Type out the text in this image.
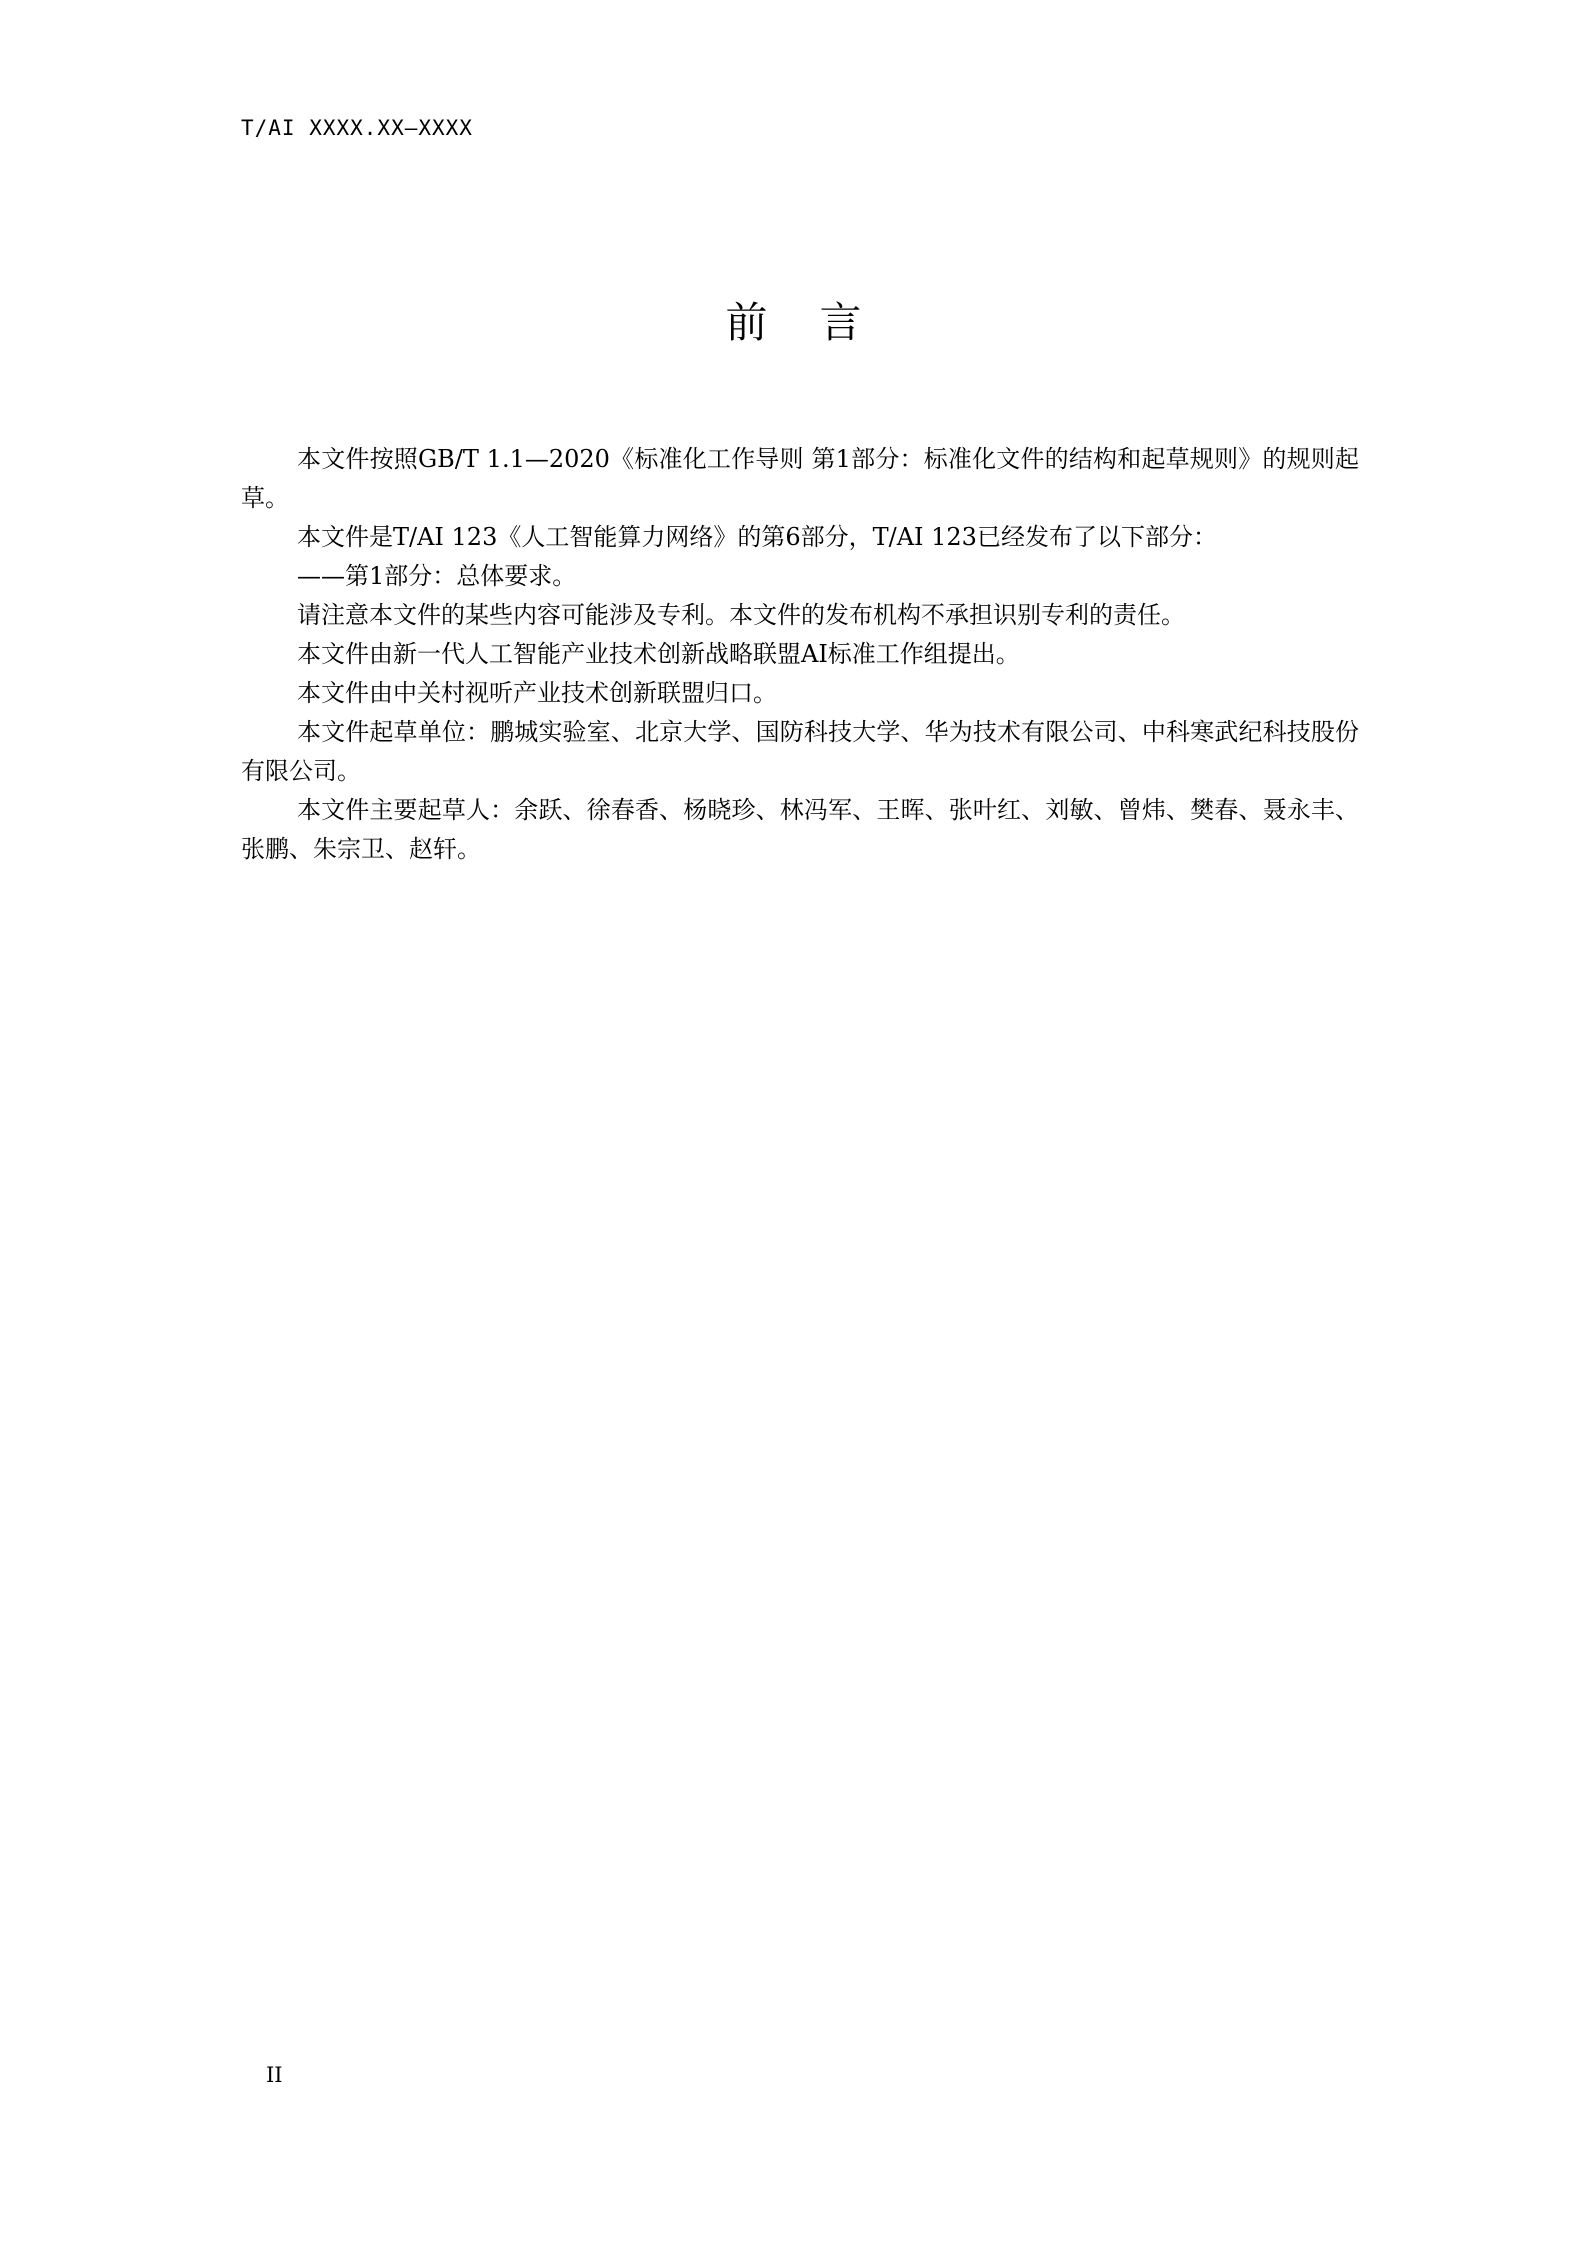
T/AI XXXX.XX—XXXX
前 言

本文件按照GB/T 1.1—2020《标准化工作导则 第1部分：标准化文件的结构和起草规则》的规则起草。

本文件是T/AI 123《人工智能算力网络》的第6部分，T/AI 123已经发布了以下部分：

——第1部分：总体要求。

请注意本文件的某些内容可能涉及专利。本文件的发布机构不承担识别专利的责任。

本文件由新一代人工智能产业技术创新战略联盟AI标准工作组提出。

本文件由中关村视听产业技术创新联盟归口。

本文件起草单位：鹏城实验室、北京大学、国防科技大学、华为技术有限公司、中科寒武纪科技股份有限公司。

本文件主要起草人：余跃、徐春香、杨晓珍、林冯军、王晖、张叶红、刘敏、曾炜、樊春、聂永丰、张鹏、朱宗卫、赵轩。

II
